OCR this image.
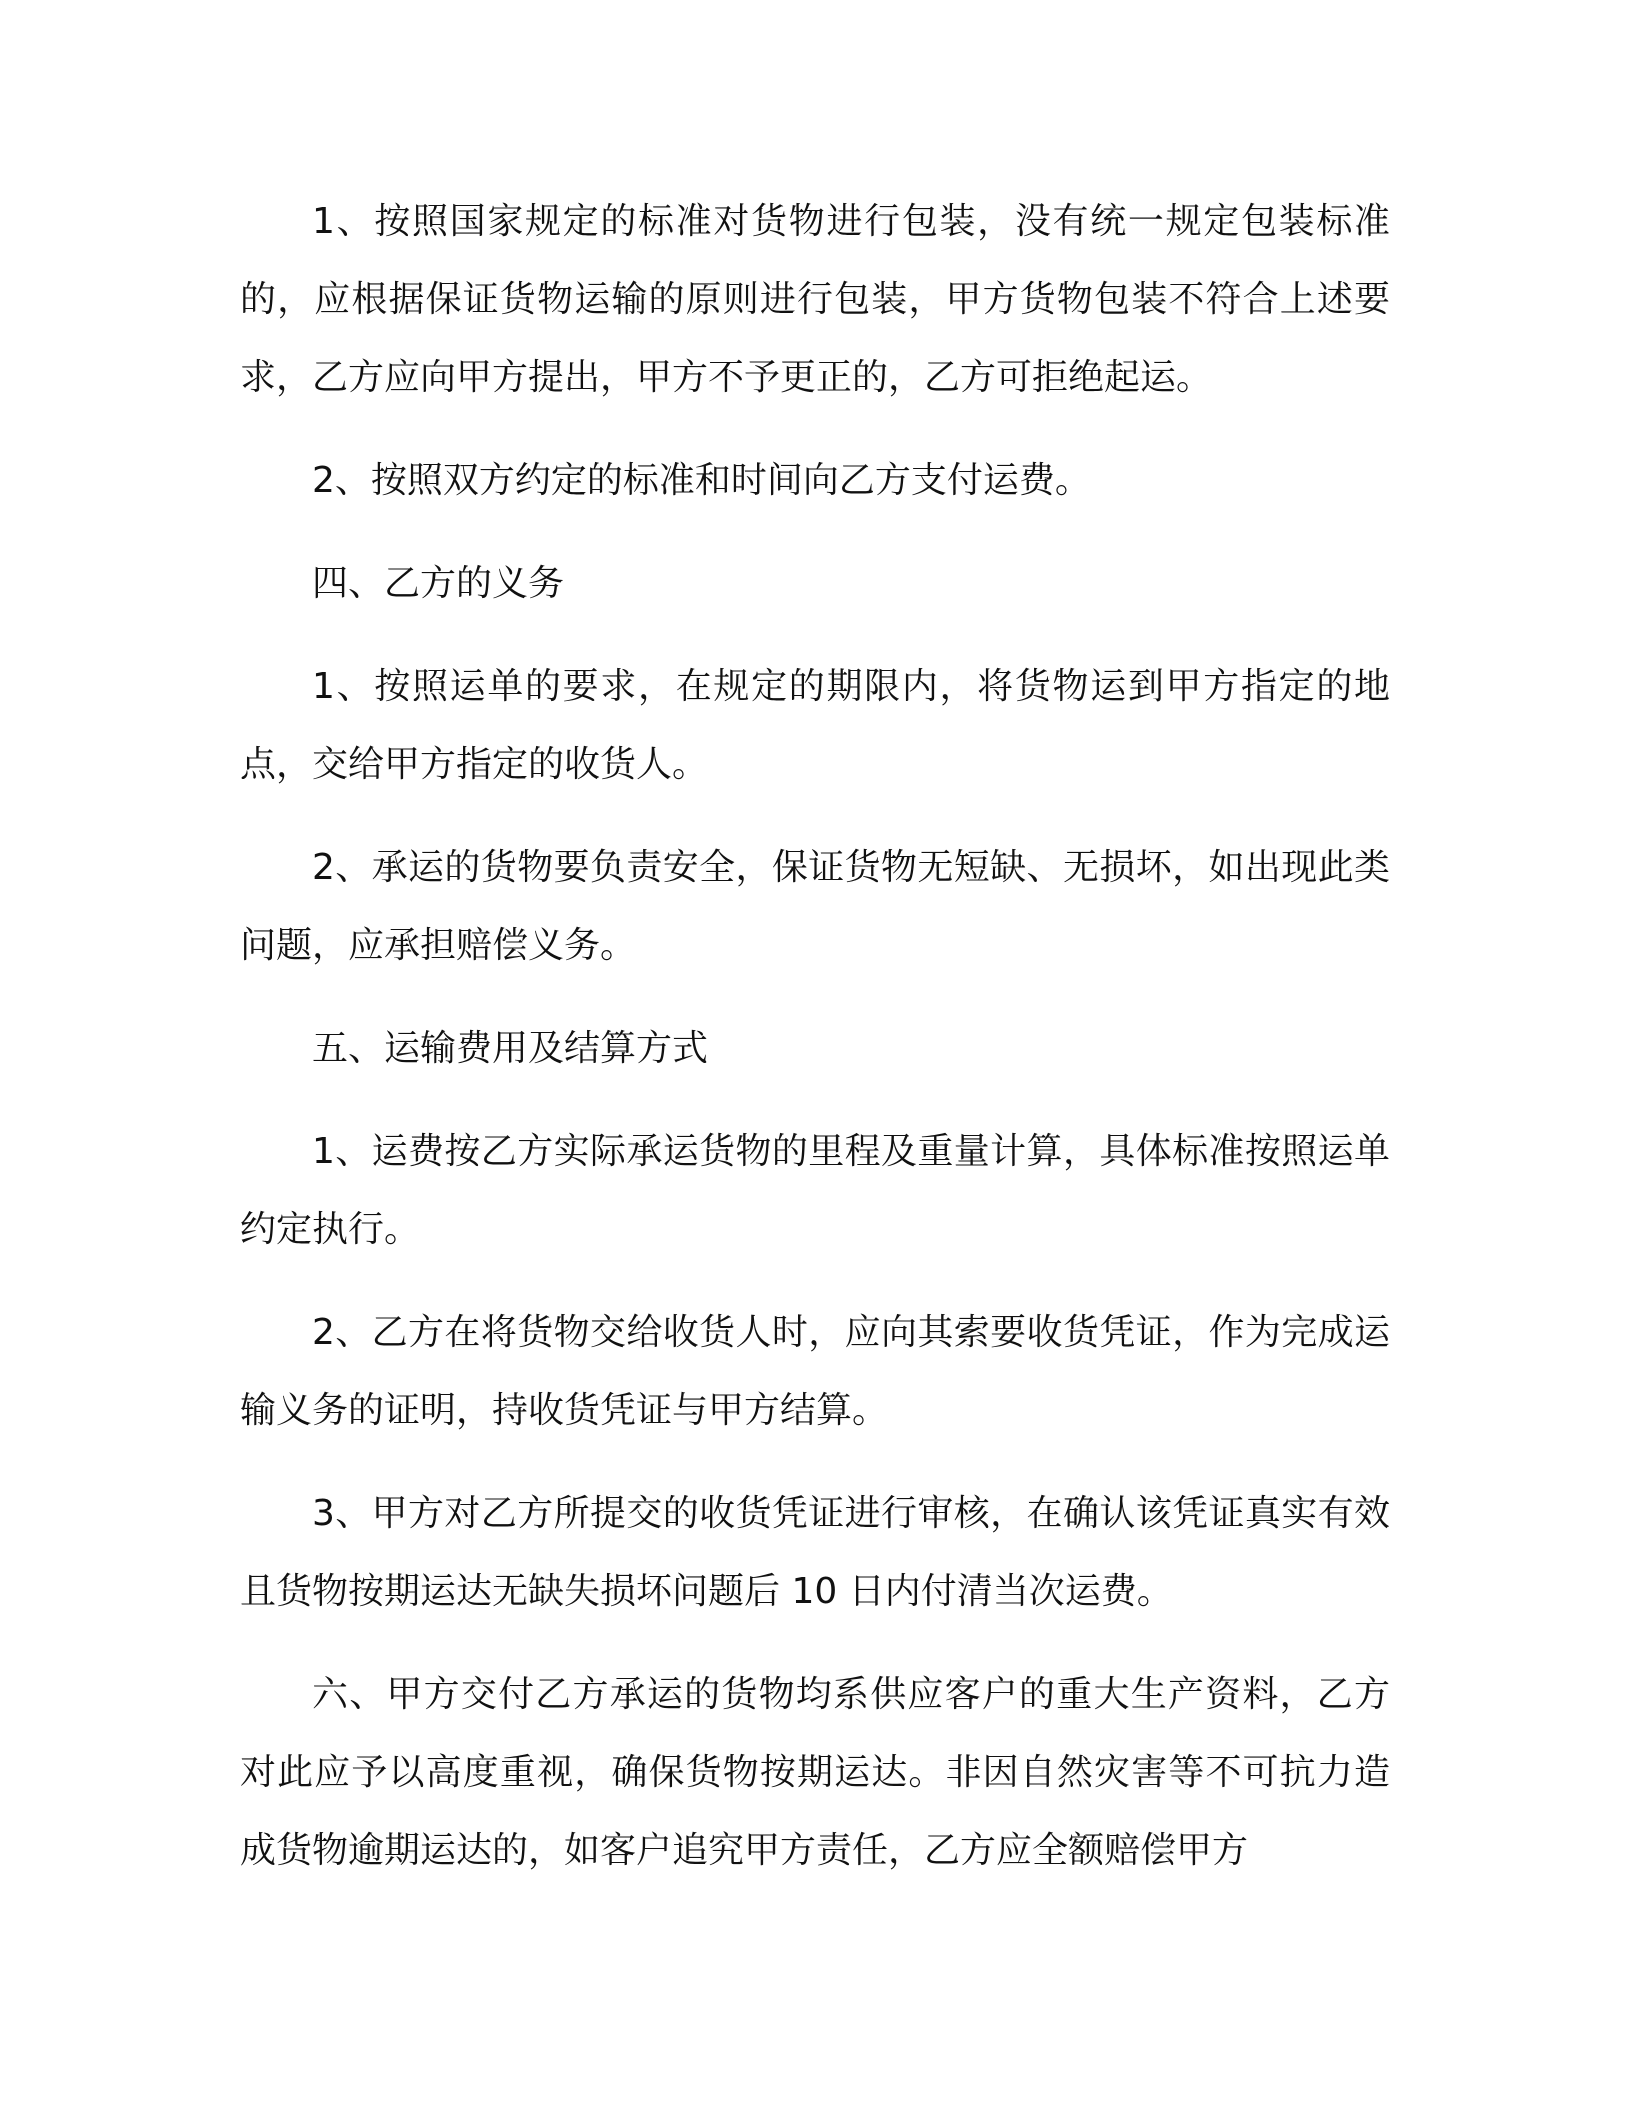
1、按照国家规定的标准对货物进行包装，没有统一规定包装标准的，应根据保证货物运输的原则进行包装，甲方货物包装不符合上述要求，乙方应向甲方提出，甲方不予更正的，乙方可拒绝起运。

2、按照双方约定的标准和时间向乙方支付运费。

四、乙方的义务

1、按照运单的要求，在规定的期限内，将货物运到甲方指定的地点，交给甲方指定的收货人。

2、承运的货物要负责安全，保证货物无短缺、无损坏，如出现此类问题，应承担赔偿义务。

五、运输费用及结算方式

1、运费按乙方实际承运货物的里程及重量计算，具体标准按照运单约定执行。

2、乙方在将货物交给收货人时，应向其索要收货凭证，作为完成运输义务的证明，持收货凭证与甲方结算。

3、甲方对乙方所提交的收货凭证进行审核，在确认该凭证真实有效且货物按期运达无缺失损坏问题后 10 日内付清当次运费。

六、甲方交付乙方承运的货物均系供应客户的重大生产资料，乙方对此应予以高度重视，确保货物按期运达。非因自然灾害等不可抗力造成货物逾期运达的，如客户追究甲方责任，乙方应全额赔偿甲方
